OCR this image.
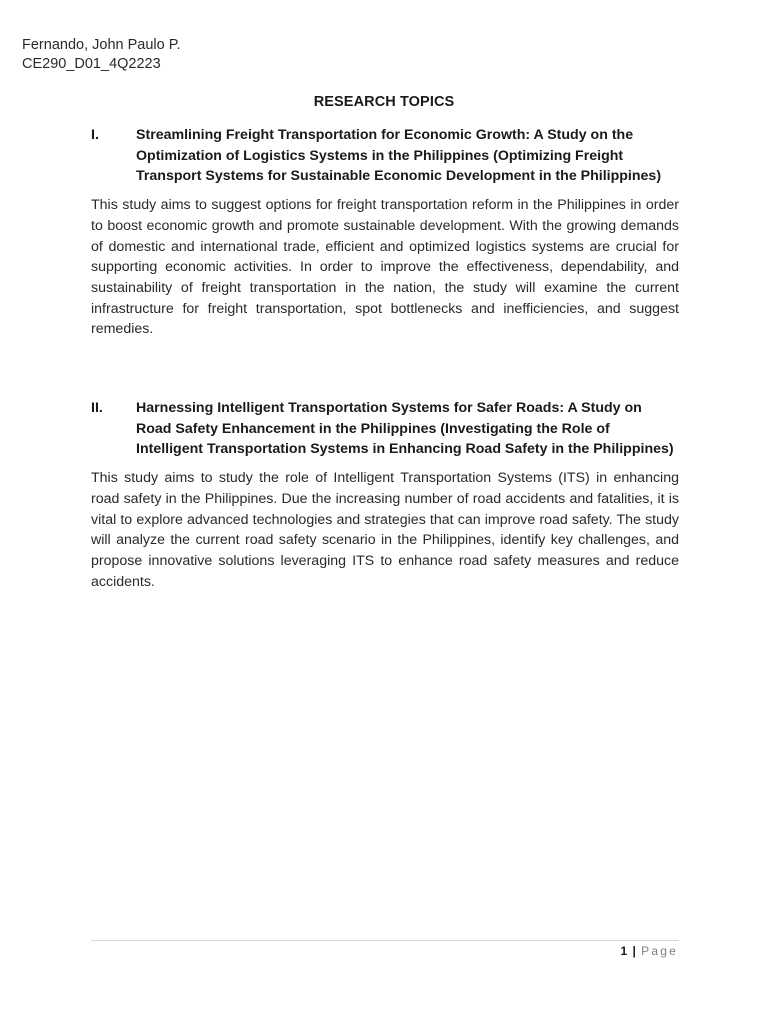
Fernando, John Paulo P.
CE290_D01_4Q2223
RESEARCH TOPICS
I.	Streamlining Freight Transportation for Economic Growth: A Study on the Optimization of Logistics Systems in the Philippines (Optimizing Freight Transport Systems for Sustainable Economic Development in the Philippines)
This study aims to suggest options for freight transportation reform in the Philippines in order to boost economic growth and promote sustainable development. With the growing demands of domestic and international trade, efficient and optimized logistics systems are crucial for supporting economic activities. In order to improve the effectiveness, dependability, and sustainability of freight transportation in the nation, the study will examine the current infrastructure for freight transportation, spot bottlenecks and inefficiencies, and suggest remedies.
II.	Harnessing Intelligent Transportation Systems for Safer Roads: A Study on Road Safety Enhancement in the Philippines (Investigating the Role of Intelligent Transportation Systems in Enhancing Road Safety in the Philippines)
This study aims to study the role of Intelligent Transportation Systems (ITS) in enhancing road safety in the Philippines. Due the increasing number of road accidents and fatalities, it is vital to explore advanced technologies and strategies that can improve road safety. The study will analyze the current road safety scenario in the Philippines, identify key challenges, and propose innovative solutions leveraging ITS to enhance road safety measures and reduce accidents.
1 | Page
